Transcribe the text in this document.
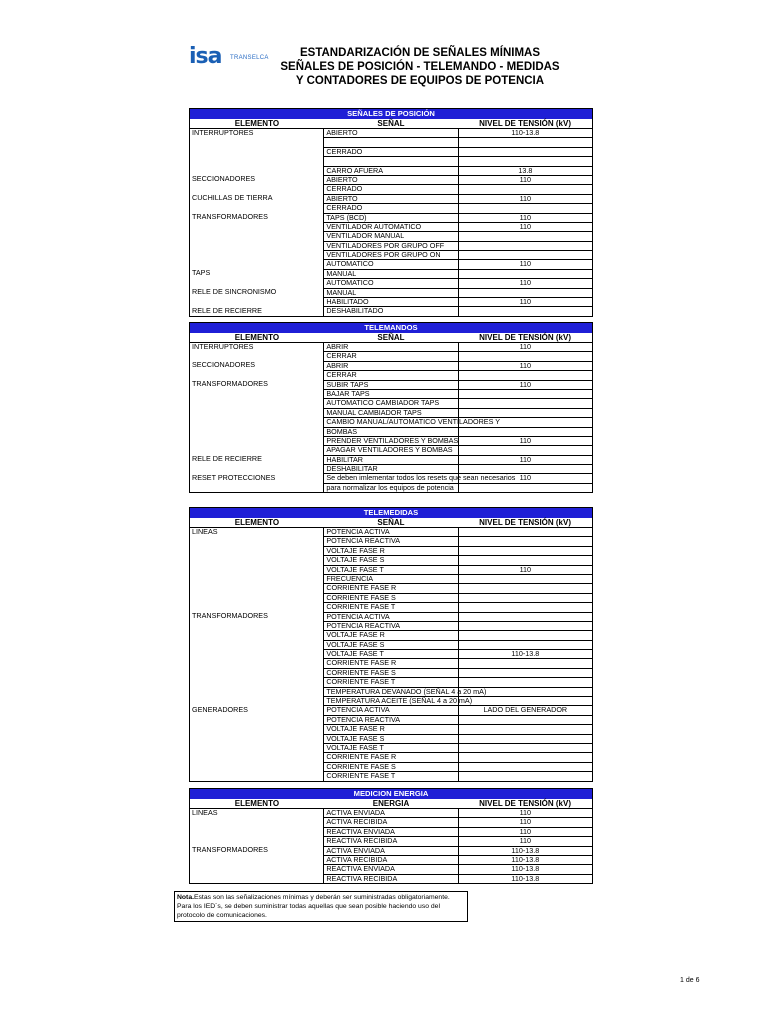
isa TRANSELCA	ESTANDARIZACIÓN DE SEÑALES MÍNIMAS
SEÑALES DE POSICIÓN - TELEMANDO - MEDIDAS
Y CONTADORES DE EQUIPOS DE POTENCIA
SEÑALES DE POSICIÓN		
ELEMENTO	SEÑAL	NIVEL DE TENSIÓN (kV)
INTERRUPTORES	ABIERTO	110-13.8

	CERRADO	

	CARRO AFUERA	13.8
SECCIONADORES	ABIERTO	110
	CERRADO	
CUCHILLAS DE TIERRA	ABIERTO	110
	CERRADO	
TRANSFORMADORES	TAPS (BCD)	110
	VENTILADOR AUTOMATICO	110
	VENTILADOR MANUAL	
	VENTILADORES POR GRUPO OFF	
	VENTILADORES POR GRUPO ON	
	AUTOMATICO	110
TAPS	MANUAL	
	AUTOMATICO	110
RELE DE SINCRONISMO	MANUAL	
	HABILITADO	110
RELE DE RECIERRE	DESHABILITADO	
TELEMANDOS		
ELEMENTO	SEÑAL	NIVEL DE TENSIÓN (kV)
INTERRUPTORES	ABRIR	110
	CERRAR	
SECCIONADORES	ABRIR	110
	CERRAR	
TRANSFORMADORES	SUBIR TAPS	110
	BAJAR TAPS	
	AUTOMATICO CAMBIADOR TAPS	
	MANUAL CAMBIADOR TAPS	
	CAMBIO MANUAL/AUTOMATICO VENTILADORES Y	
	BOMBAS	
	PRENDER VENTILADORES Y BOMBAS	110
	APAGAR VENTILADORES Y BOMBAS	
RELE DE RECIERRE	HABILITAR	110
	DESHABILITAR	
RESET PROTECCIONES	Se deben imlementar todos los resets que sean necesarios	110
	para normalizar los equipos de potencia	
TELEMEDIDAS		
ELEMENTO	SEÑAL	NIVEL DE TENSIÓN (kV)
LINEAS	POTENCIA ACTIVA	
	POTENCIA REACTIVA	
	VOLTAJE FASE R	
	VOLTAJE FASE S	
	VOLTAJE FASE T	110
	FRECUENCIA	
	CORRIENTE FASE R	
	CORRIENTE FASE S	
	CORRIENTE FASE T	
TRANSFORMADORES	POTENCIA ACTIVA	
	POTENCIA REACTIVA	
	VOLTAJE FASE R	
	VOLTAJE FASE S	
	VOLTAJE FASE T	110-13.8
	CORRIENTE FASE R	
	CORRIENTE FASE S	
	CORRIENTE FASE T	
	TEMPERATURA DEVANADO (SEÑAL 4 a 20 mA)	
	TEMPERATURA ACEITE (SEÑAL 4 a 20 mA)	
GENERADORES	POTENCIA ACTIVA	LADO DEL GENERADOR
	POTENCIA REACTIVA	
	VOLTAJE FASE R	
	VOLTAJE FASE S	
	VOLTAJE FASE T	
	CORRIENTE FASE R	
	CORRIENTE FASE S	
	CORRIENTE FASE T	
MEDICION ENERGIA		
ELEMENTO	ENERGIA	NIVEL DE TENSIÓN (kV)
LINEAS	ACTIVA ENVIADA	110
	ACTIVA RECIBIDA	110
	REACTIVA ENVIADA	110
	REACTIVA RECIBIDA	110
TRANSFORMADORES	ACTIVA ENVIADA	110-13.8
	ACTIVA RECIBIDA	110-13.8
	REACTIVA ENVIADA	110-13.8
	REACTIVA RECIBIDA	110-13.8
Nota.Estas son las señalizaciones mínimas y deberán ser suministradas obligatoriamente. Para los IED´s, se deben suministrar todas aquellas que sean posible haciendo uso del protocolo de comunicaciones.
1 de 6
